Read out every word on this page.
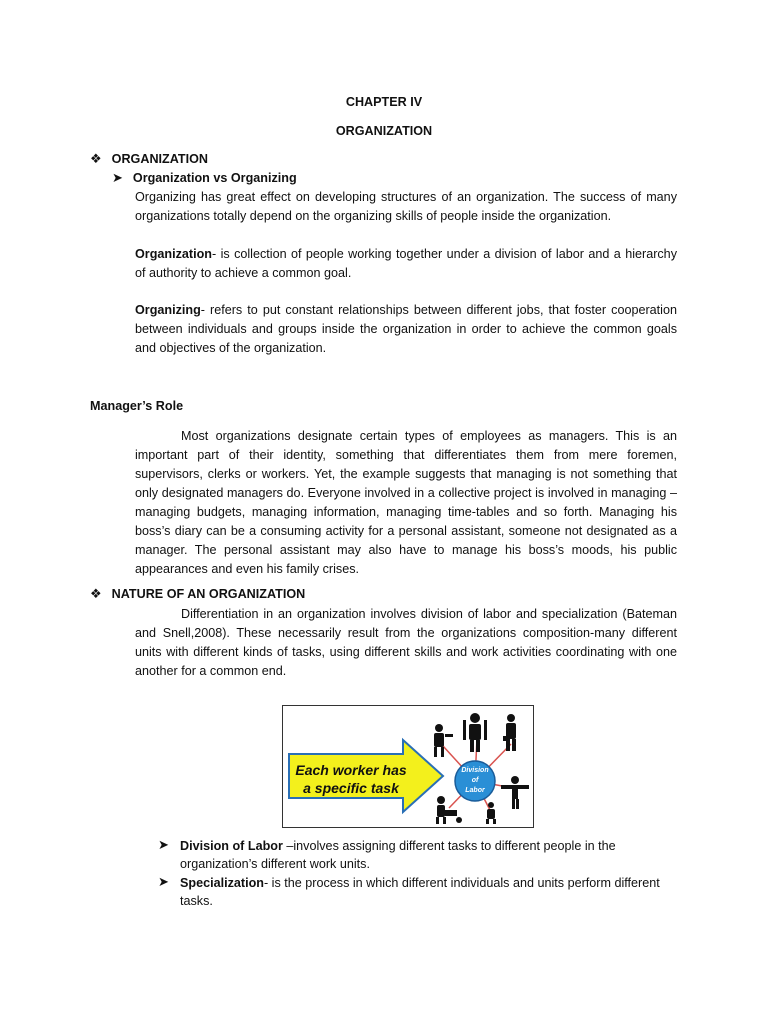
CHAPTER IV
ORGANIZATION
❖ ORGANIZATION
➤ Organization vs Organizing
Organizing has great effect on developing structures of an organization. The success of many organizations totally depend on the organizing skills of people inside the organization.
Organization- is collection of people working together under a division of labor and a hierarchy of authority to achieve a common goal.
Organizing- refers to put constant relationships between different jobs, that foster cooperation between individuals and groups inside the organization in order to achieve the common goals and objectives of the organization.
Manager’s Role
Most organizations designate certain types of employees as managers. This is an important part of their identity, something that differentiates them from mere foremen, supervisors, clerks or workers. Yet, the example suggests that managing is not something that only designated managers do. Everyone involved in a collective project is involved in managing – managing budgets, managing information, managing time-tables and so forth. Managing his boss’s diary can be a consuming activity for a personal assistant, someone not designated as a manager. The personal assistant may also have to manage his boss’s moods, his public appearances and even his family crises.
❖ NATURE OF AN ORGANIZATION
Differentiation in an organization involves division of labor and specialization (Bateman and Snell,2008). These necessarily result from the organizations composition-many different units with different kinds of tasks, using different skills and work activities coordinating with one another for a common end.
Each worker has
a specific task
Division
of
Labor
➤ Division of Labor –involves assigning different tasks to different people in the organization’s different work units.
➤ Specialization- is the process in which different individuals and units perform different tasks.
